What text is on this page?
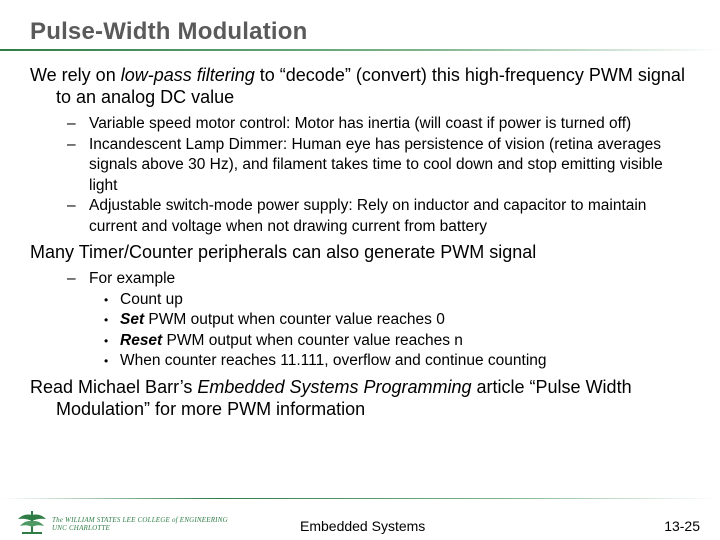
Pulse-Width Modulation

We rely on low-pass filtering to “decode” (convert) this high-frequency PWM signal to an analog DC value

– Variable speed motor control: Motor has inertia (will coast if power is turned off)

– Incandescent Lamp Dimmer: Human eye has persistence of vision (retina averages signals above 30 Hz), and filament takes time to cool down and stop emitting visible light

– Adjustable switch-mode power supply: Rely on inductor and capacitor to maintain current and voltage when not drawing current from battery

Many Timer/Counter peripherals can also generate PWM signal

– For example

• Count up

• Set PWM output when counter value reaches 0

• Reset PWM output when counter value reaches n

• When counter reaches 11.111, overflow and continue counting

Read Michael Barr’s Embedded Systems Programming article “Pulse Width Modulation” for more PWM information

The WILLIAM STATES LEE COLLEGE of ENGINEERING
UNC CHARLOTTE	Embedded Systems	13-25
